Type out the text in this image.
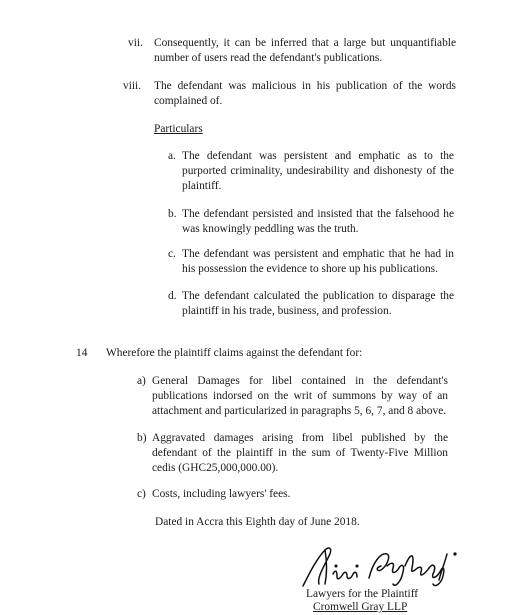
vii. Consequently, it can be inferred that a large but unquantifiable number of users read the defendant's publications.
viii. The defendant was malicious in his publication of the words complained of.
Particulars
a. The defendant was persistent and emphatic as to the purported criminality, undesirability and dishonesty of the plaintiff.
b. The defendant persisted and insisted that the falsehood he was knowingly peddling was the truth.
c. The defendant was persistent and emphatic that he had in his possession the evidence to shore up his publications.
d. The defendant calculated the publication to disparage the plaintiff in his trade, business, and profession.
14 Wherefore the plaintiff claims against the defendant for:
a) General Damages for libel contained in the defendant's publications indorsed on the writ of summons by way of an attachment and particularized in paragraphs 5, 6, 7, and 8 above.
b) Aggravated damages arising from libel published by the defendant of the plaintiff in the sum of Twenty-Five Million cedis (GHC25,000,000.00).
c) Costs, including lawyers' fees.
Dated in Accra this Eighth day of June 2018.
Lawyers for the Plaintiff
Cromwell Gray LLP
